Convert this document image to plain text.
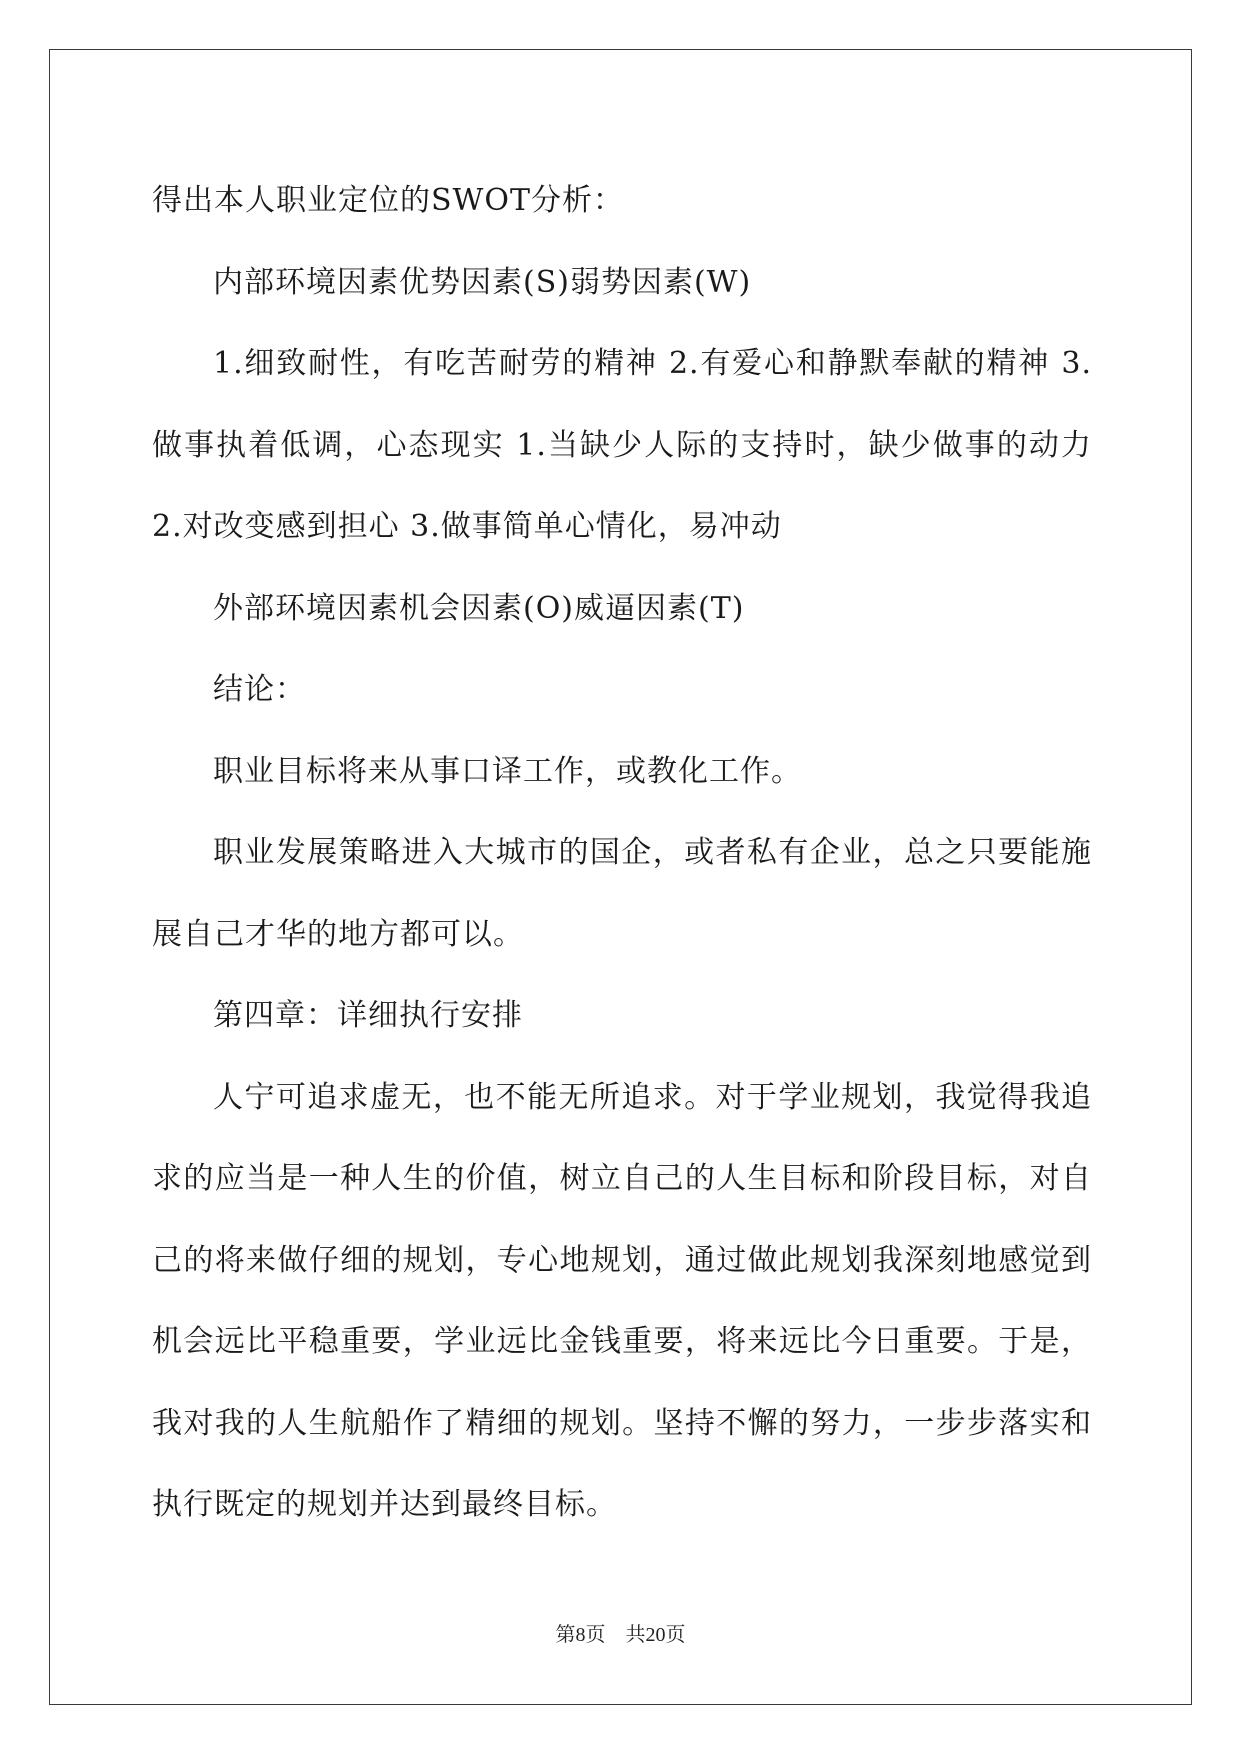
得出本人职业定位的SWOT分析：

内部环境因素优势因素(S)弱势因素(W)

1.细致耐性，有吃苦耐劳的精神 2.有爱心和静默奉献的精神 3.
做事执着低调，心态现实 1.当缺少人际的支持时，缺少做事的动力
2.对改变感到担心 3.做事简单心情化，易冲动

外部环境因素机会因素(O)威逼因素(T)

结论：

职业目标将来从事口译工作，或教化工作。

职业发展策略进入大城市的国企，或者私有企业，总之只要能施
展自己才华的地方都可以。

第四章：详细执行安排

人宁可追求虚无，也不能无所追求。对于学业规划，我觉得我追
求的应当是一种人生的价值，树立自己的人生目标和阶段目标，对自
己的将来做仔细的规划，专心地规划，通过做此规划我深刻地感觉到
机会远比平稳重要，学业远比金钱重要，将来远比今日重要。于是，
我对我的人生航船作了精细的规划。坚持不懈的努力，一步步落实和
执行既定的规划并达到最终目标。

第8页 共20页
